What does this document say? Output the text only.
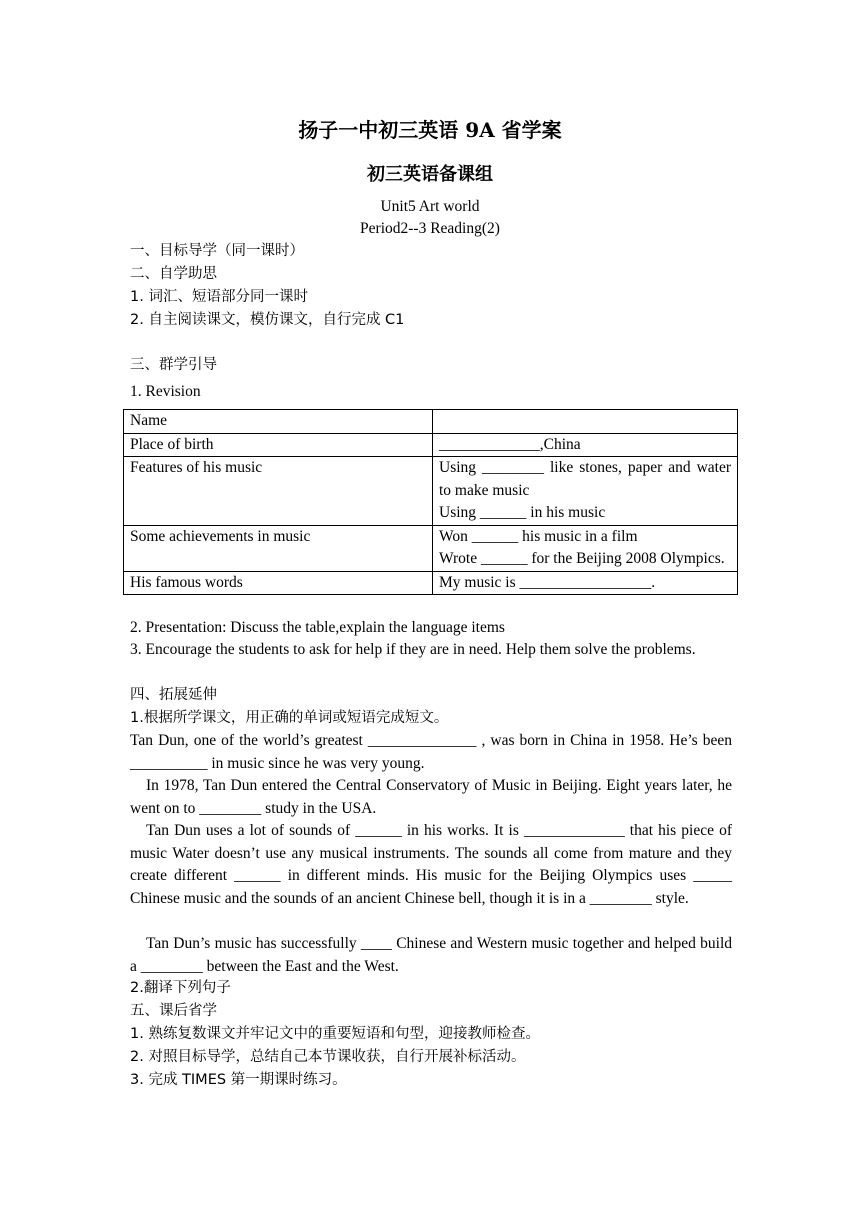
扬子一中初三英语 9A 省学案
初三英语备课组
Unit5 Art world
Period2--3 Reading(2)
一、目标导学（同一课时）
二、自学助思
1. 词汇、短语部分同一课时
2. 自主阅读课文，模仿课文，自行完成 C1
三、群学引导
1. Revision
Name	
Place of birth	_____________,China
Features of his music	Using ________ like stones, paper and water to make music
Using ______ in his music

Some achievements in music	Won ______ his music in a film
Wrote ______ for the Beijing 2008 Olympics.

His famous words	My music is _________________.
2. Presentation: Discuss the table,explain the language items
3. Encourage the students to ask for help if they are in need. Help them solve the problems.
四、拓展延伸
1.根据所学课文，用正确的单词或短语完成短文。
Tan Dun, one of the world’s greatest ______________ , was born in China in 1958. He’s been __________ in music since he was very young.
In 1978, Tan Dun entered the Central Conservatory of Music in Beijing. Eight years later, he went on to ________ study in the USA.
Tan Dun uses a lot of sounds of ______ in his works. It is _____________ that his piece of music Water doesn’t use any musical instruments. The sounds all come from mature and they create different ______ in different minds. His music for the Beijing Olympics uses _____ Chinese music and the sounds of an ancient Chinese bell, though it is in a ________ style.
Tan Dun’s music has successfully ____ Chinese and Western music together and helped build a ________ between the East and the West.
2.翻译下列句子
五、课后省学
1. 熟练复数课文并牢记文中的重要短语和句型，迎接教师检查。
2. 对照目标导学，总结自己本节课收获，自行开展补标活动。
3. 完成 TIMES 第一期课时练习。
